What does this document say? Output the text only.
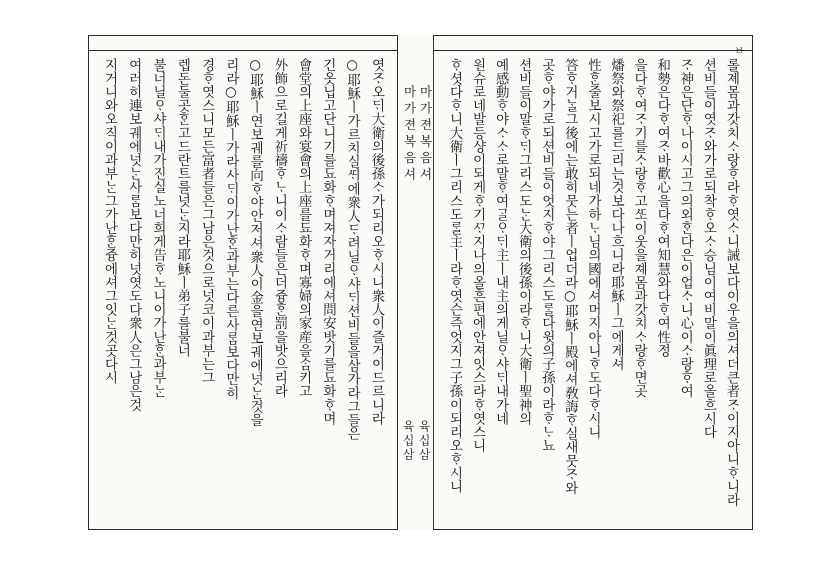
엿ᄌᆞ오ᄃᆡ大衛의後孫ᄉᆞ가되리오ᄒᆞ시니衆人이즐거이드르니라
○耶穌ㅣ가르치실ᄯᆡ에衆人ᄃᆞ려닐ᄋᆞ샤ᄃᆡ션비들을삼가라그들은
긴옷닙고단니기를됴화ᄒᆞ며져자거리에셔問安밧기를됴화ᄒᆞ며
會堂의上座와宴會의上座를됴화ᄒᆞ며寡婦의家産을ᄉᆞᆷ키고
外飾으로길게祈禱ᄒᆞᄂᆞ니이ᄉᆞ람들은더즁ᄒᆞᆫ罰을밧으리라
○耶穌ㅣ연보궤를向ᄒᆞ야안저셔衆人이金을연보궤에넛ᄂᆞᆫ것을
리라○耶穌ㅣ가라사ᄃᆡ이가난ᄒᆞᆫ과부는다른사ᄅᆞᆷ보다만히
경ᄒᆞ엿스니모든富者들은그남은것으로넛코이과부는그
렙돈둘곳ᄒᆞᆫ고드란트를넛ᄂᆞᆫ지라耶穌ㅣ弟子를불너
불너닐ᄋᆞ샤ᄃᆡ내가진실노너희게告ᄒᆞ노니이가난ᄒᆞᆫ과부ᄂᆞᆫ
여러히連보궤에넛ᄂᆞᆫ사ᄅᆞᆷ보다만히넛엿도다衆人은그남은것
지거니와오직이과부ᄂᆞᆫ그가난ᄒᆞᆫ즁에셔그잇ᄂᆞᆫ것곳다시	마가젼복음셔 마가젼복음셔
육십삼 육십삼
ㅂ
롤졔몸과갓치ᄉᆞ랑ᄒᆞ라ᄒᆞ엿ᄉᆞ니誡보다이우을의셔더큰者ᄌᆞ이지아니ᄒᆞ니라
션비들이엿ᄌᆞ와가로되착ᄒᆞ오ᄉᆞ승님이여비말이眞理로올흐시다
ᄌᆞ神은단ᄒᆞ나이시고그의외ᄒᆞᆫ다은이업ᄉᆞ니心이ᄉᆞ랑ᄒᆞ여
和勢은다ᄒᆞ여ᄌᆞ바歡心을다ᄒᆞ여知慧와다ᄒᆞ여性정
을다ᄒᆞ여ᄌᆞ기를ᄉᆞ랑ᄒᆞ고ᄯᅩ이웃을졔몸과갓치ᄉᆞ랑ᄒᆞ면곳
燔祭와祭祀를드리는것보다나흐니라耶穌ㅣ그에게셔
性ᄒᆞᆫ줄보시고가로되네가하ᄂᆞ님의國에셔머지아니ᄒᆞ도다ᄒᆞ시니
答ᄒᆞ거ᄂᆞᆯ그後에는敢히뭇는者ㅣ업더라○耶穌ㅣ殿에셔敎誨ᄒᆞ실새뭇ᄌᆞ와
곳ᄒᆞ야가로되션비들이엇지ᄒᆞ야그리스도ᄅᆞᆯ다윗의子孫이라ᄒᆞᄂᆞ뇨
션비들이말ᄒᆞᄃᆡ그리스도ᄂᆞᆫ大衛의後孫이라ᄒᆞ니大衛ㅣ聖神의
예感動ᄒᆞ야ᄉᆞᄉᆞ로말ᄒᆞ여ᄀᆞᆯᄋᆞᄃᆡ主ㅣ내主의게닐ᄋᆞ샤ᄃᆡ내가네
원슈로네발등샹이되게ᄒᆞ기ᄭᆞ지나의올흔편에안져잇스라ᄒᆞ엿스니
ᄒᆞ셧다ᄒᆞ니大衛ㅣ그리스도ᄅᆞᆯ主ㅣ라ᄒᆞ엿슨즉엇지그子孫이되리오ᄒᆞ시니
